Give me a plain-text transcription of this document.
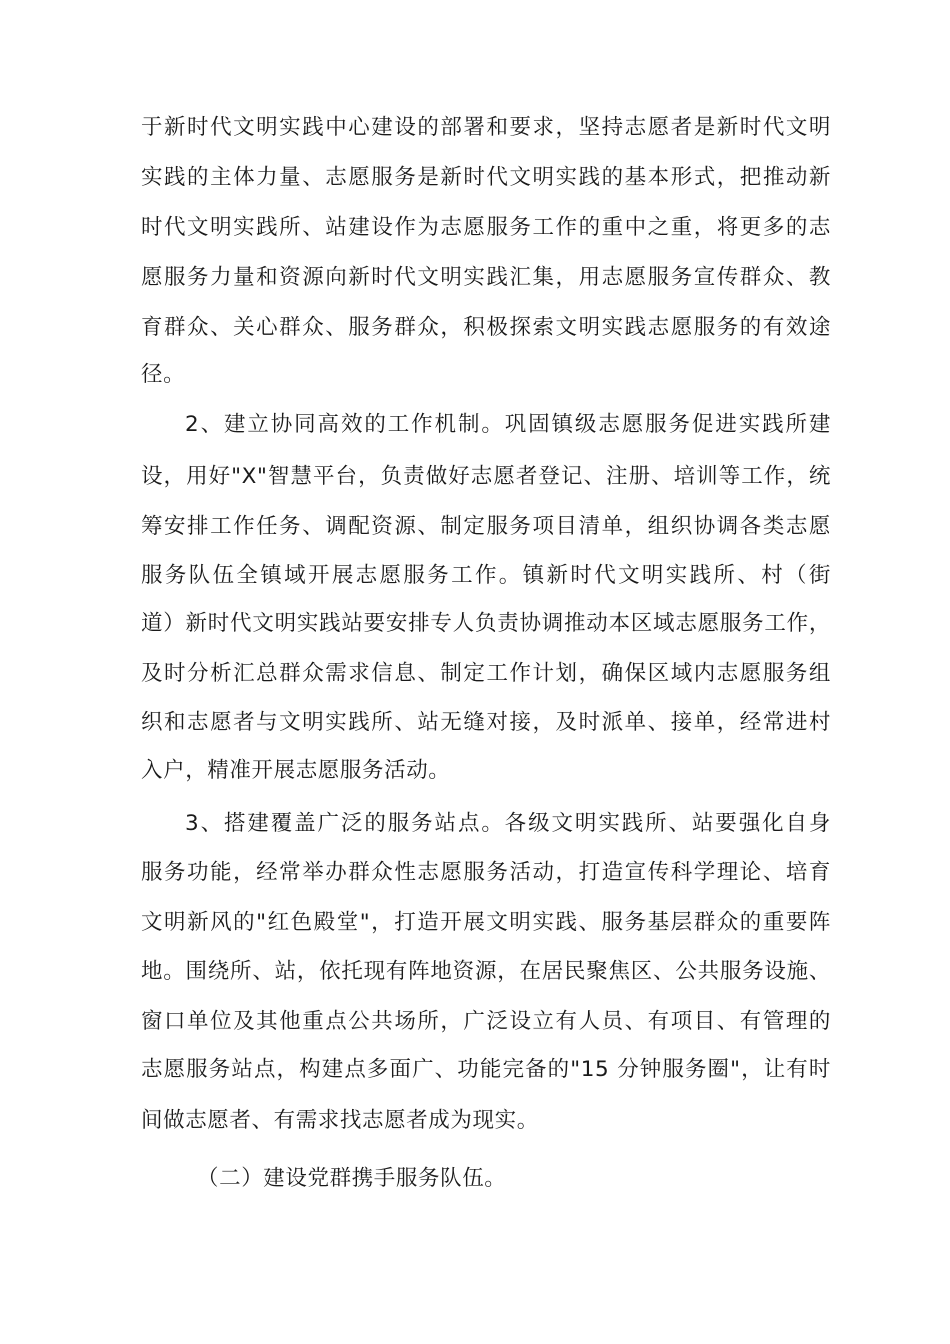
于新时代文明实践中心建设的部署和要求，坚持志愿者是新时代文明
实践的主体力量、志愿服务是新时代文明实践的基本形式，把推动新
时代文明实践所、站建设作为志愿服务工作的重中之重，将更多的志
愿服务力量和资源向新时代文明实践汇集，用志愿服务宣传群众、教
育群众、关心群众、服务群众，积极探索文明实践志愿服务的有效途
径。
2、建立协同高效的工作机制。巩固镇级志愿服务促进实践所建
设，用好"X"智慧平台，负责做好志愿者登记、注册、培训等工作，统
筹安排工作任务、调配资源、制定服务项目清单，组织协调各类志愿
服务队伍全镇域开展志愿服务工作。镇新时代文明实践所、村（街
道）新时代文明实践站要安排专人负责协调推动本区域志愿服务工作，
及时分析汇总群众需求信息、制定工作计划，确保区域内志愿服务组
织和志愿者与文明实践所、站无缝对接，及时派单、接单，经常进村
入户，精准开展志愿服务活动。
3、搭建覆盖广泛的服务站点。各级文明实践所、站要强化自身
服务功能，经常举办群众性志愿服务活动，打造宣传科学理论、培育
文明新风的"红色殿堂"，打造开展文明实践、服务基层群众的重要阵
地。围绕所、站，依托现有阵地资源，在居民聚焦区、公共服务设施、
窗口单位及其他重点公共场所，广泛设立有人员、有项目、有管理的
志愿服务站点，构建点多面广、功能完备的"15 分钟服务圈"，让有时
间做志愿者、有需求找志愿者成为现实。
（二）建设党群携手服务队伍。
